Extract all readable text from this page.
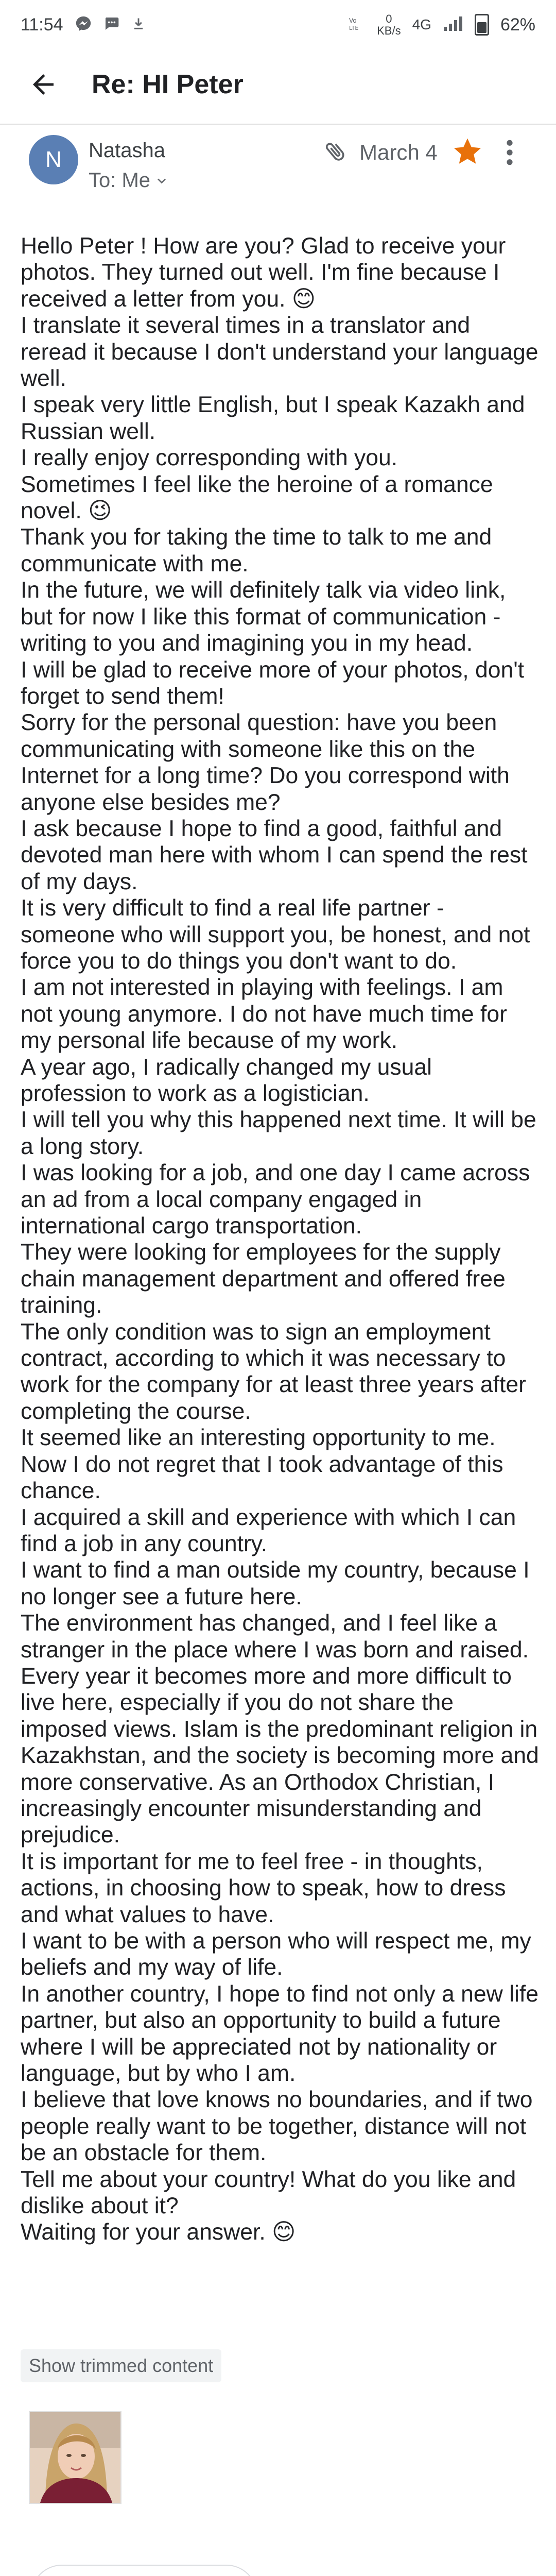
11:54	Vo
LTE
0
KB/s 4G	62%
Re: HI Peter
N	Natasha
To: Me
March 4

Hello Peter ! How are you? Glad to receive your photos. They turned out well. I'm fine because I received a letter from you. 😊

I translate it several times in a translator and reread it because I don't understand your language well.

I speak very little English, but I speak Kazakh and Russian well.

I really enjoy corresponding with you.

Sometimes I feel like the heroine of a romance novel. 😉

Thank you for taking the time to talk to me and communicate with me.

In the future, we will definitely talk via video link, but for now I like this format of communication - writing to you and imagining you in my head.

I will be glad to receive more of your photos, don't forget to send them!

Sorry for the personal question: have you been communicating with someone like this on the Internet for a long time? Do you correspond with anyone else besides me?

I ask because I hope to find a good, faithful and devoted man here with whom I can spend the rest of my days.

It is very difficult to find a real life partner - someone who will support you, be honest, and not force you to do things you don't want to do.

I am not interested in playing with feelings. I am not young anymore. I do not have much time for my personal life because of my work.

A year ago, I radically changed my usual profession to work as a logistician.

I will tell you why this happened next time. It will be a long story.

I was looking for a job, and one day I came across an ad from a local company engaged in international cargo transportation.

They were looking for employees for the supply chain management department and offered free training.

The only condition was to sign an employment contract, according to which it was necessary to work for the company for at least three years after completing the course.

It seemed like an interesting opportunity to me.

Now I do not regret that I took advantage of this chance.

I acquired a skill and experience with which I can find a job in any country.

I want to find a man outside my country, because I no longer see a future here.

The environment has changed, and I feel like a stranger in the place where I was born and raised. Every year it becomes more and more difficult to live here, especially if you do not share the imposed views. Islam is the predominant religion in Kazakhstan, and the society is becoming more and more conservative. As an Orthodox Christian, I increasingly encounter misunderstanding and prejudice.

It is important for me to feel free - in thoughts, actions, in choosing how to speak, how to dress and what values to have.

I want to be with a person who will respect me, my beliefs and my way of life.

In another country, I hope to find not only a new life partner, but also an opportunity to build a future

where I will be appreciated not by nationality or language, but by who I am.

I believe that love knows no boundaries, and if two people really want to be together, distance will not be an obstacle for them.

Tell me about your country! What do you like and dislike about it?

Waiting for your answer. 😊

Show trimmed content
